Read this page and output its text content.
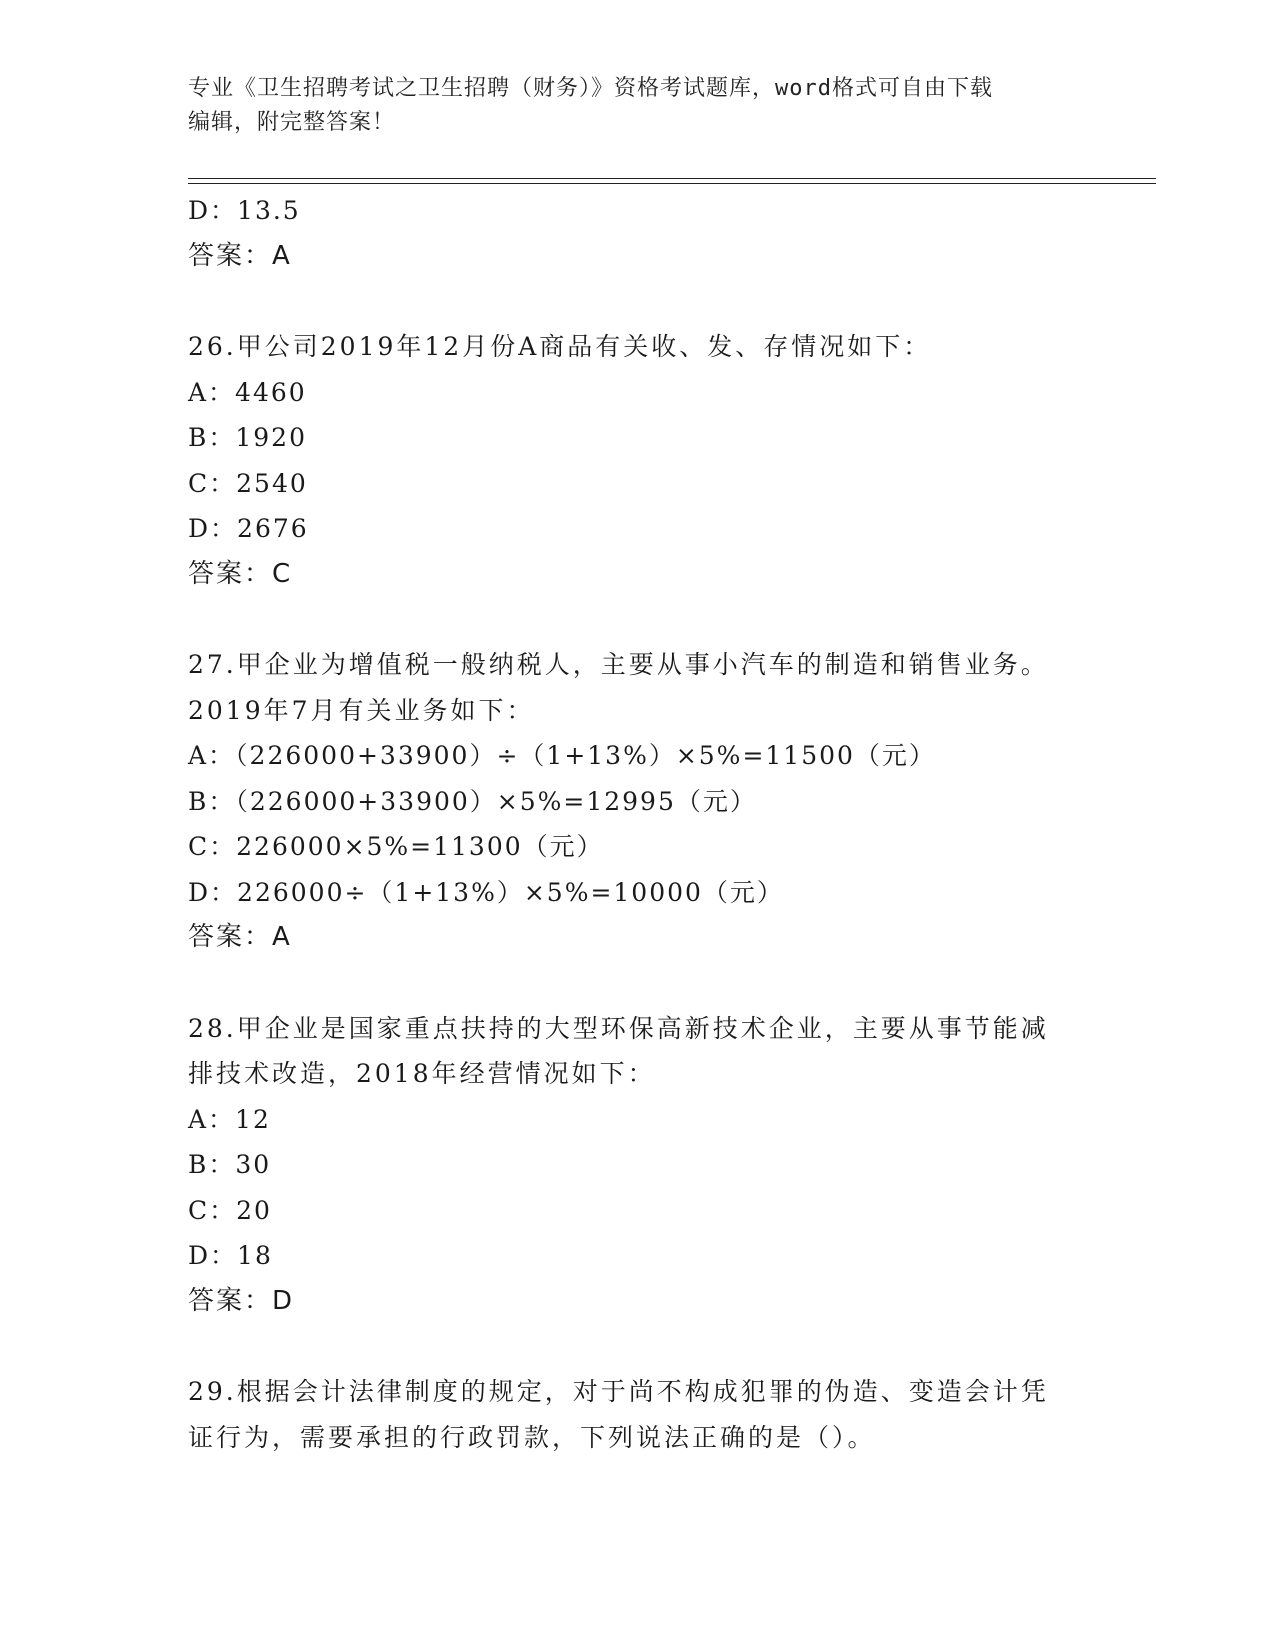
专业《卫生招聘考试之卫生招聘（财务）》资格考试题库，word格式可自由下载
编辑，附完整答案！
D：13.5
答案：A
26.甲公司2019年12月份A商品有关收、发、存情况如下：
A：4460
B：1920
C：2540
D：2676
答案：C
27.甲企业为增值税一般纳税人，主要从事小汽车的制造和销售业务。
2019年7月有关业务如下：
A：（226000+33900）÷（1+13%）×5%=11500（元）
B：（226000+33900）×5%=12995（元）
C：226000×5%=11300（元）
D：226000÷（1+13%）×5%=10000（元）
答案：A
28.甲企业是国家重点扶持的大型环保高新技术企业，主要从事节能减
排技术改造，2018年经营情况如下：
A：12
B：30
C：20
D：18
答案：D
29.根据会计法律制度的规定，对于尚不构成犯罪的伪造、变造会计凭
证行为，需要承担的行政罚款，下列说法正确的是（）。
